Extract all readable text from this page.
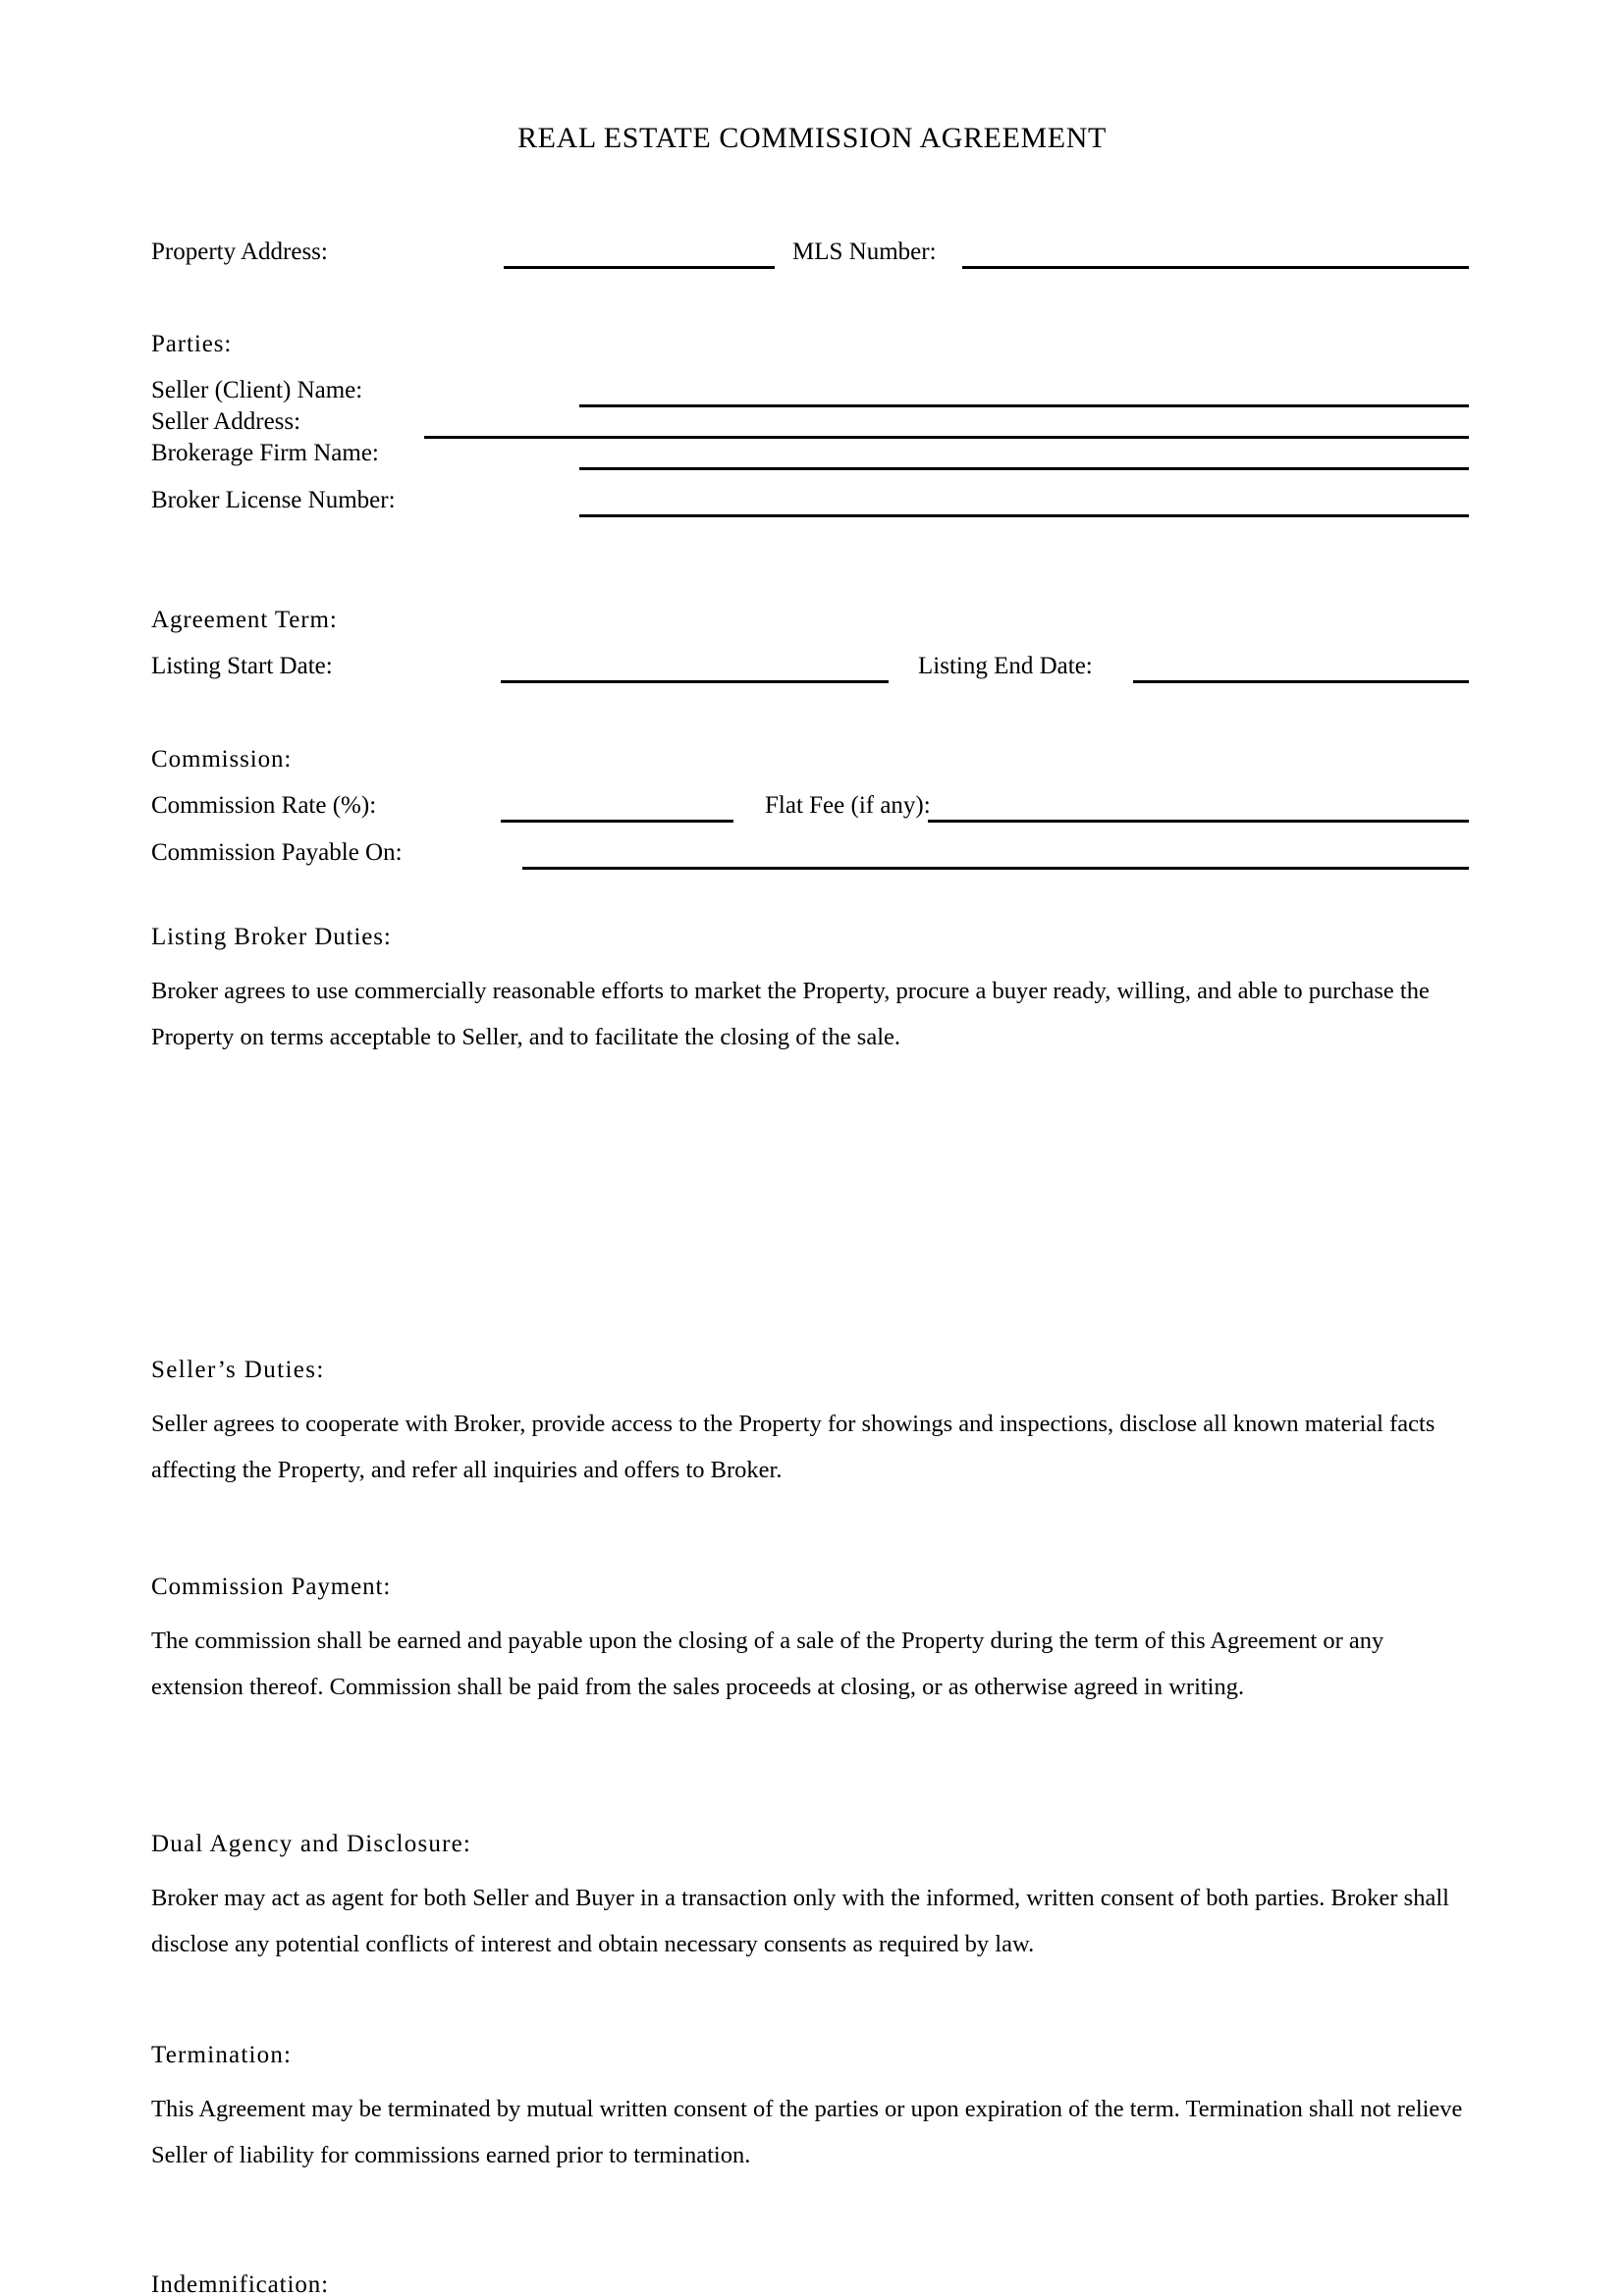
REAL ESTATE COMMISSION AGREEMENT
Property Address:	MLS Number:
Parties:
Seller (Client) Name:
Seller Address:
Brokerage Firm Name:
Broker License Number:
Agreement Term:
Listing Start Date:	Listing End Date:
Commission:
Commission Rate (%):	Flat Fee (if any):
Commission Payable On:
Listing Broker Duties:
Broker agrees to use commercially reasonable efforts to market the Property, procure a buyer ready, willing, and able to purchase the Property on terms acceptable to Seller, and to facilitate the closing of the sale.
Seller’s Duties:
Seller agrees to cooperate with Broker, provide access to the Property for showings and inspections, disclose all known material facts affecting the Property, and refer all inquiries and offers to Broker.
Commission Payment:
The commission shall be earned and payable upon the closing of a sale of the Property during the term of this Agreement or any extension thereof. Commission shall be paid from the sales proceeds at closing, or as otherwise agreed in writing.
Dual Agency and Disclosure:
Broker may act as agent for both Seller and Buyer in a transaction only with the informed, written consent of both parties. Broker shall disclose any potential conflicts of interest and obtain necessary consents as required by law.
Termination:
This Agreement may be terminated by mutual written consent of the parties or upon expiration of the term. Termination shall not relieve Seller of liability for commissions earned prior to termination.
Indemnification:
